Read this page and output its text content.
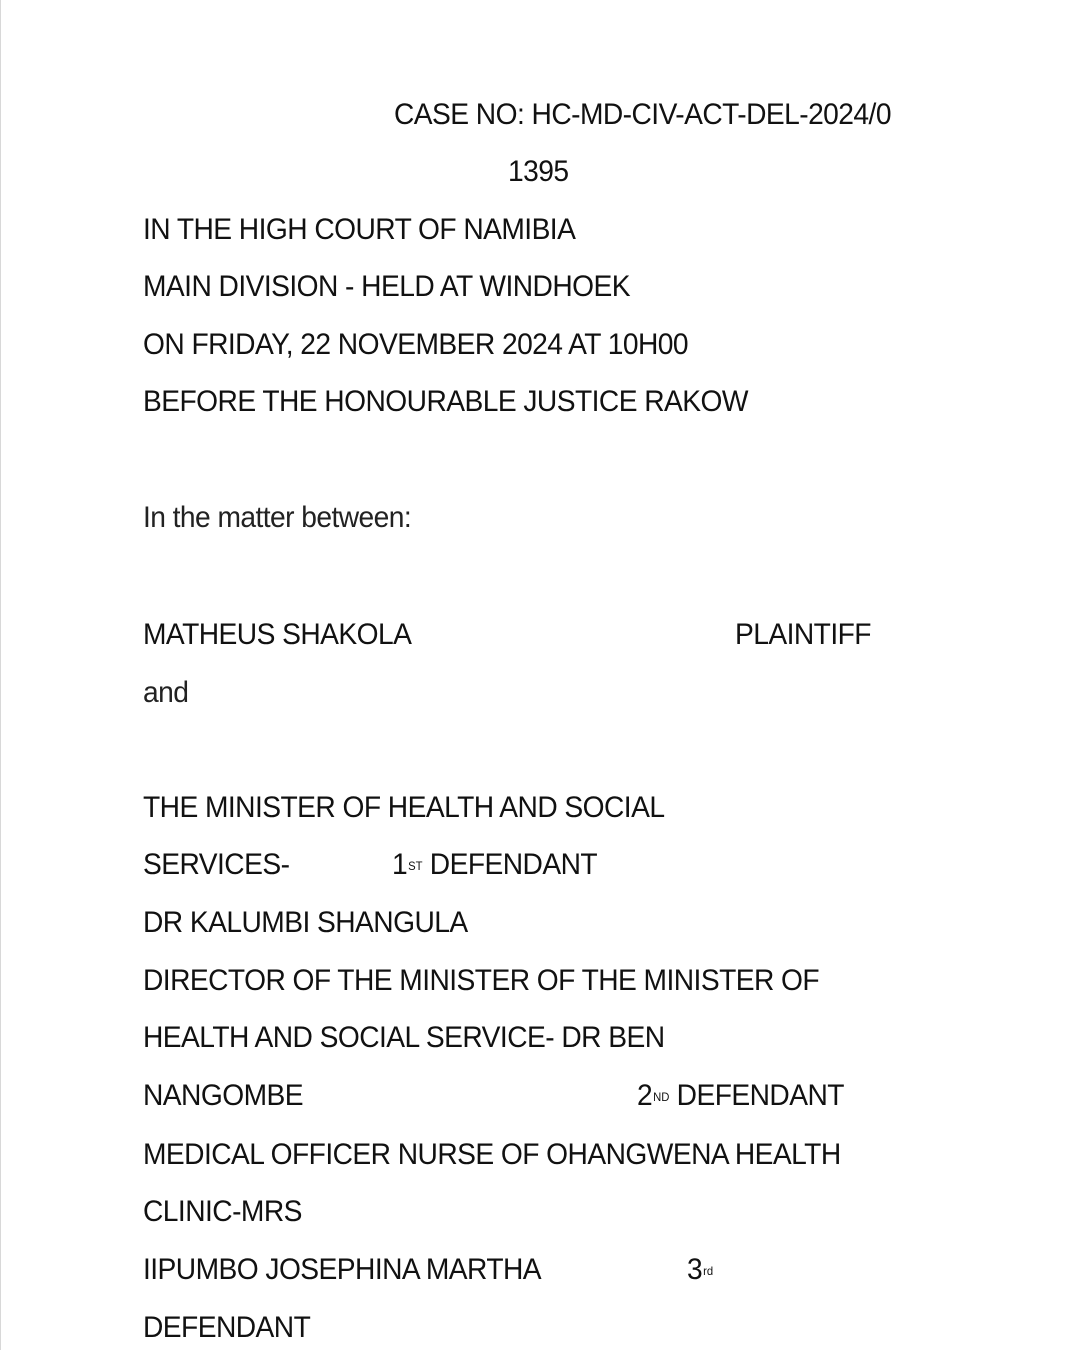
CASE NO: HC-MD-CIV-ACT-DEL-2024/0
1395
IN THE HIGH COURT OF NAMIBIA
MAIN DIVISION - HELD AT WINDHOEK
ON FRIDAY, 22 NOVEMBER 2024 AT 10H00
BEFORE THE HONOURABLE JUSTICE RAKOW
In the matter between:
MATHEUS SHAKOLA	PLAINTIFF
and
THE MINISTER OF HEALTH AND SOCIAL
SERVICES-	1ST DEFENDANT
DR KALUMBI SHANGULA
DIRECTOR OF THE MINISTER OF THE MINISTER OF
HEALTH AND SOCIAL SERVICE- DR BEN
NANGOMBE	2ND DEFENDANT
MEDICAL OFFICER NURSE OF OHANGWENA HEALTH
CLINIC-MRS
IIPUMBO JOSEPHINA MARTHA	3rd
DEFENDANT
